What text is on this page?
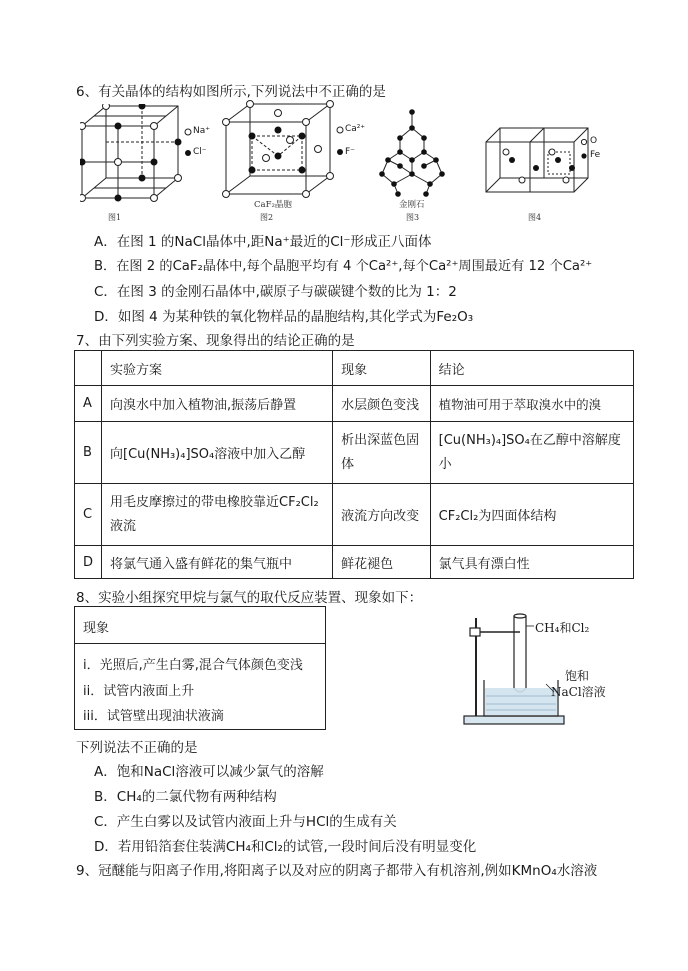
6、有关晶体的结构如图所示,下列说法中不正确的是
Na⁺
Cl⁻
图1
Ca²⁺
F⁻
CaF₂晶胞
图2
金刚石
图3
O
Fe
图4
A．在图 1 的NaCl晶体中,距Na⁺最近的Cl⁻形成正八面体
B．在图 2 的CaF₂晶体中,每个晶胞平均有 4 个Ca²⁺,每个Ca²⁺周围最近有 12 个Ca²⁺
C．在图 3 的金刚石晶体中,碳原子与碳碳键个数的比为 1：2
D．如图 4 为某种铁的氧化物样品的晶胞结构,其化学式为Fe₂O₃
7、由下列实验方案、现象得出的结论正确的是
	实验方案	现象	结论
A	向溴水中加入植物油,振荡后静置	水层颜色变浅	植物油可用于萃取溴水中的溴
B	向[Cu(NH₃)₄]SO₄溶液中加入乙醇	析出深蓝色固体	[Cu(NH₃)₄]SO₄在乙醇中溶解度小
C	用毛皮摩擦过的带电橡胶靠近CF₂Cl₂液流	液流方向改变	CF₂Cl₂为四面体结构
D	将氯气通入盛有鲜花的集气瓶中	鲜花褪色	氯气具有漂白性
8、实验小组探究甲烷与氯气的取代反应装置、现象如下：
现象
i．光照后,产生白雾,混合气体颜色变浅
ii．试管内液面上升
iii．试管壁出现油状液滴
CH₄和Cl₂
饱和
NaCl溶液
下列说法不正确的是
A．饱和NaCl溶液可以减少氯气的溶解
B．CH₄的二氯代物有两种结构
C．产生白雾以及试管内液面上升与HCl的生成有关
D．若用铅箔套住装满CH₄和Cl₂的试管,一段时间后没有明显变化
9、冠醚能与阳离子作用,将阳离子以及对应的阴离子都带入有机溶剂,例如KMnO₄水溶液
